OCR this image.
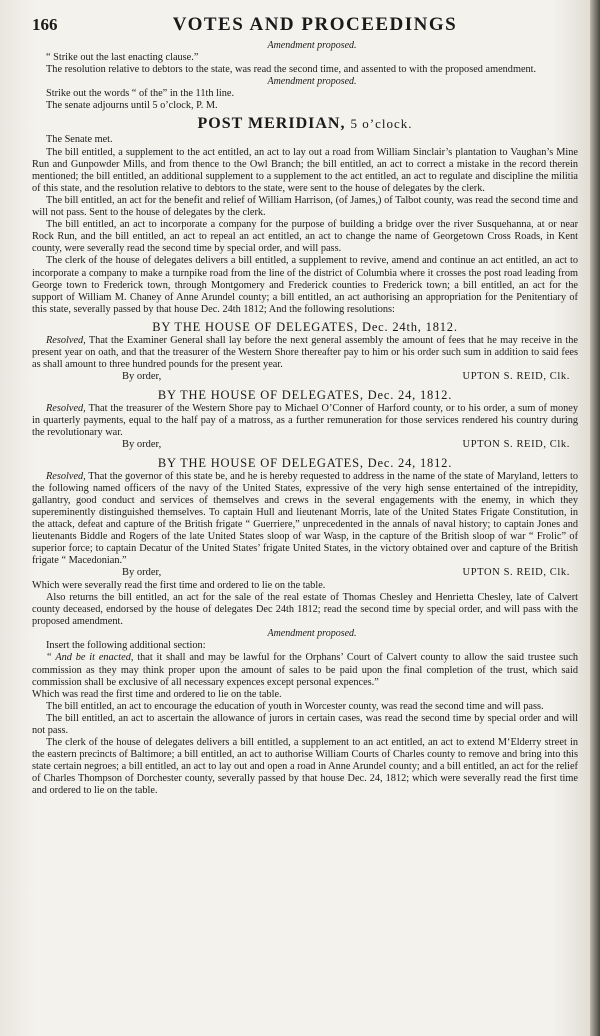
166	VOTES AND PROCEEDINGS

Amendment proposed.

“ Strike out the last enacting clause.”

The resolution relative to debtors to the state, was read the second time, and assented to with the proposed amendment.

Amendment proposed.

Strike out the words “ of the” in the 11th line.

The senate adjourns until 5 o’clock, P. M.

POST MERIDIAN, 5 o’clock.

The Senate met.

The bill entitled, a supplement to the act entitled, an act to lay out a road from William Sinclair’s plantation to Vaughan’s Mine Run and Gunpowder Mills, and from thence to the Owl Branch; the bill entitled, an act to correct a mistake in the record therein mentioned; the bill entitled, an additional supplement to a supplement to the act entitled, an act to regulate and discipline the militia of this state, and the resolution relative to debtors to the state, were sent to the house of delegates by the clerk.

The bill entitled, an act for the benefit and relief of William Harrison, (of James,) of Talbot county, was read the second time and will not pass. Sent to the house of delegates by the clerk.

The bill entitled, an act to incorporate a company for the purpose of building a bridge over the river Susquehanna, at or near Rock Run, and the bill entitled, an act to repeal an act entitled, an act to change the name of Georgetown Cross Roads, in Kent county, were severally read the second time by special order, and will pass.

The clerk of the house of delegates delivers a bill entitled, a supplement to revive, amend and continue an act entitled, an act to incorporate a company to make a turnpike road from the line of the district of Columbia where it crosses the post road leading from George town to Frederick town, through Montgomery and Frederick counties to Frederick town; a bill entitled, an act for the support of William M. Chaney of Anne Arundel county; a bill entitled, an act authorising an appropriation for the Penitentiary of this state, severally passed by that house Dec. 24th 1812; And the following resolutions:

BY THE HOUSE OF DELEGATES, Dec. 24th, 1812.

Resolved, That the Examiner General shall lay before the next general assembly the amount of fees that he may receive in the present year on oath, and that the treasurer of the Western Shore thereafter pay to him or his order such sum in addition to said fees as shall amount to three hundred pounds for the present year.

By order,	UPTON S. REID, Clk.
BY THE HOUSE OF DELEGATES, Dec. 24, 1812.

Resolved, That the treasurer of the Western Shore pay to Michael O’Conner of Harford county, or to his order, a sum of money in quarterly payments, equal to the half pay of a matross, as a further remuneration for those services rendered his country during the revolutionary war.

By order,	UPTON S. REID, Clk.
BY THE HOUSE OF DELEGATES, Dec. 24, 1812.

Resolved, That the governor of this state be, and he is hereby requested to address in the name of the state of Maryland, letters to the following named officers of the navy of the United States, expressive of the very high sense entertained of the intrepidity, gallantry, good conduct and services of themselves and crews in the several engagements with the enemy, in which they supereminently distinguished themselves. To captain Hull and lieutenant Morris, late of the United States Frigate Constitution, in the attack, defeat and capture of the British frigate “ Guerriere,” unprecedented in the annals of naval history; to captain Jones and lieutenants Biddle and Rogers of the late United States sloop of war Wasp, in the capture of the British sloop of war “ Frolic” of superior force; to captain Decatur of the United States’ frigate United States, in the victory obtained over and capture of the British frigate “ Macedonian.”

By order,	UPTON S. REID, Clk.

Which were severally read the first time and ordered to lie on the table.

Also returns the bill entitled, an act for the sale of the real estate of Thomas Chesley and Henrietta Chesley, late of Calvert county deceased, endorsed by the house of delegates Dec 24th 1812; read the second time by special order, and will pass with the proposed amendment.

Amendment proposed.

Insert the following additional section:

“ And be it enacted, that it shall and may be lawful for the Orphans’ Court of Calvert county to allow the said trustee such commission as they may think proper upon the amount of sales to be paid upon the final completion of the trust, which said commission shall be exclusive of all necessary expences except personal expences.”

Which was read the first time and ordered to lie on the table.

The bill entitled, an act to encourage the education of youth in Worcester county, was read the second time and will pass.

The bill entitled, an act to ascertain the allowance of jurors in certain cases, was read the second time by special order and will not pass.

The clerk of the house of delegates delivers a bill entitled, a supplement to an act entitled, an act to extend M‘Elderry street in the eastern precincts of Baltimore; a bill entitled, an act to authorise William Courts of Charles county to remove and bring into this state certain negroes; a bill entitled, an act to lay out and open a road in Anne Arundel county; and a bill entitled, an act for the relief of Charles Thompson of Dorchester county, severally passed by that house Dec. 24, 1812; which were severally read the first time and ordered to lie on the table.
